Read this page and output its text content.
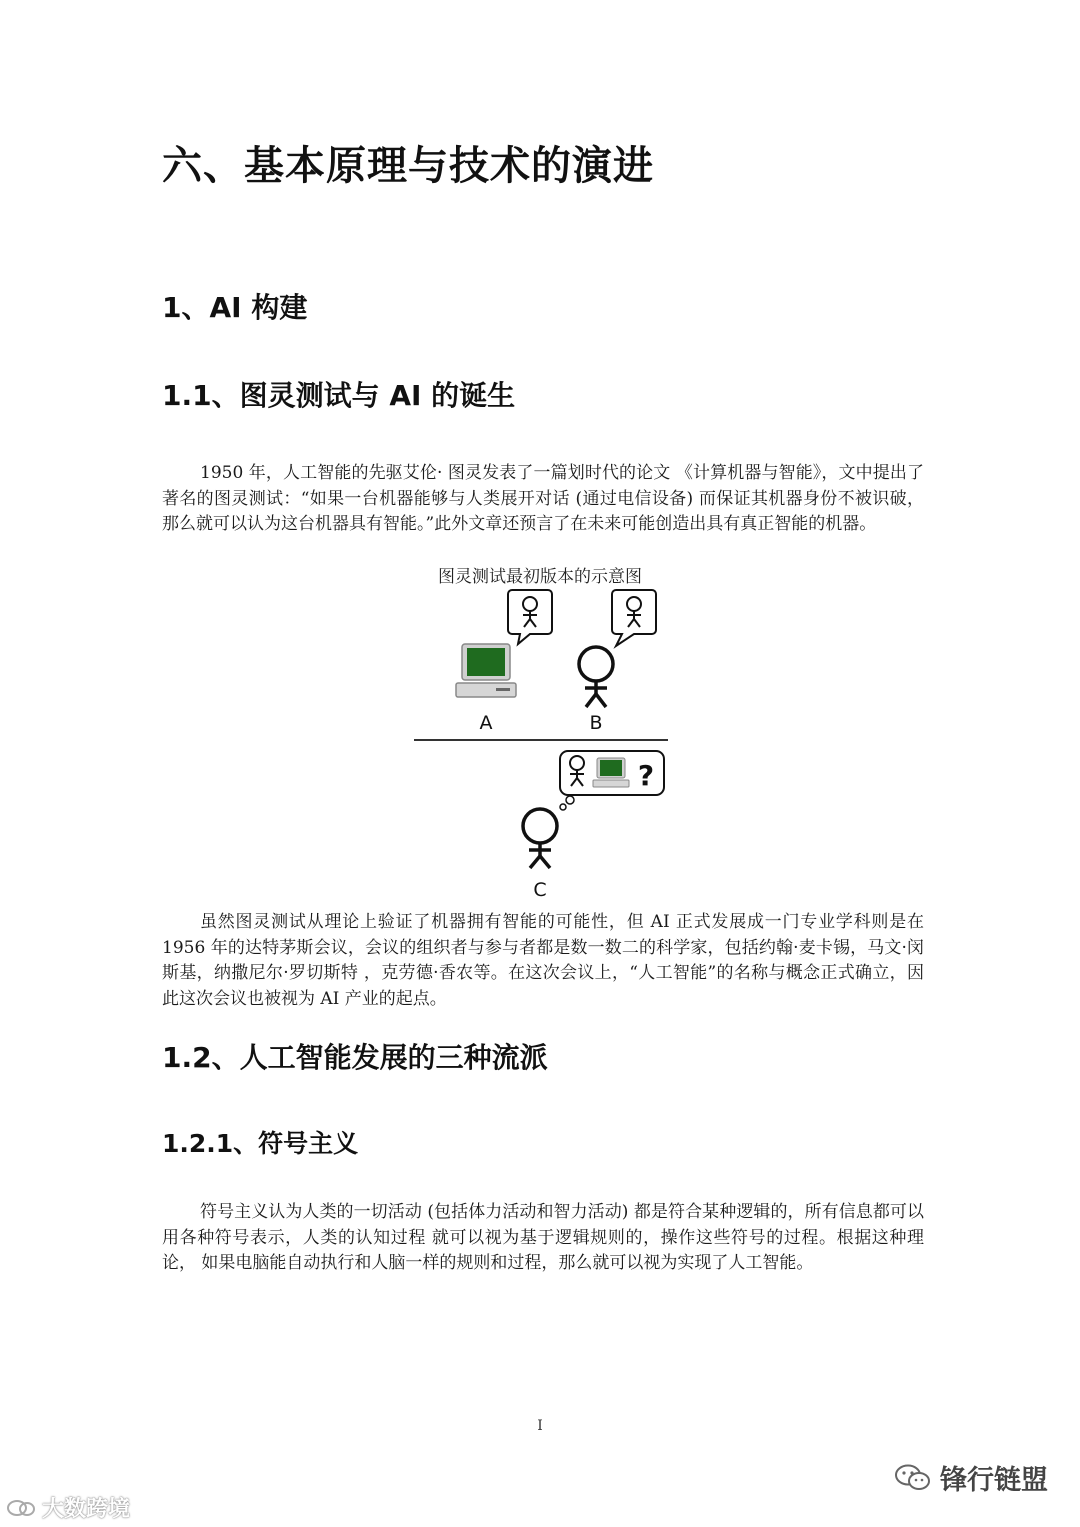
六、基本原理与技术的演进
1、AI 构建
1.1、图灵测试与 AI 的诞生

1950 年，人工智能的先驱艾伦· 图灵发表了一篇划时代的论文 《计算机器与智能》，文中提出了著名的图灵测试：“如果一台机器能够与人类展开对话 (通过电信设备) 而保证其机器身份不被识破， 那么就可以认为这台机器具有智能。”此外文章还预言了在未来可能创造出具有真正智能的机器。

图灵测试最初版本的示意图
A	B
?
C

虽然图灵测试从理论上验证了机器拥有智能的可能性，但 AI 正式发展成一门专业学科则是在 1956 年的达特茅斯会议，会议的组织者与参与者都是数一数二的科学家，包括约翰·麦卡锡，马文·闵斯基，纳撒尼尔·罗切斯特 ，克劳德·香农等。在这次会议上，“人工智能”的名称与概念正式确立，因此这次会议也被视为 AI 产业的起点。

1.2、人工智能发展的三种流派
1.2.1、符号主义

符号主义认为人类的一切活动 (包括体力活动和智力活动) 都是符合某种逻辑的，所有信息都可以用各种符号表示，人类的认知过程 就可以视为基于逻辑规则的，操作这些符号的过程。根据这种理论， 如果电脑能自动执行和人脑一样的规则和过程，那么就可以视为实现了人工智能。

I
大数跨境
锋行链盟
